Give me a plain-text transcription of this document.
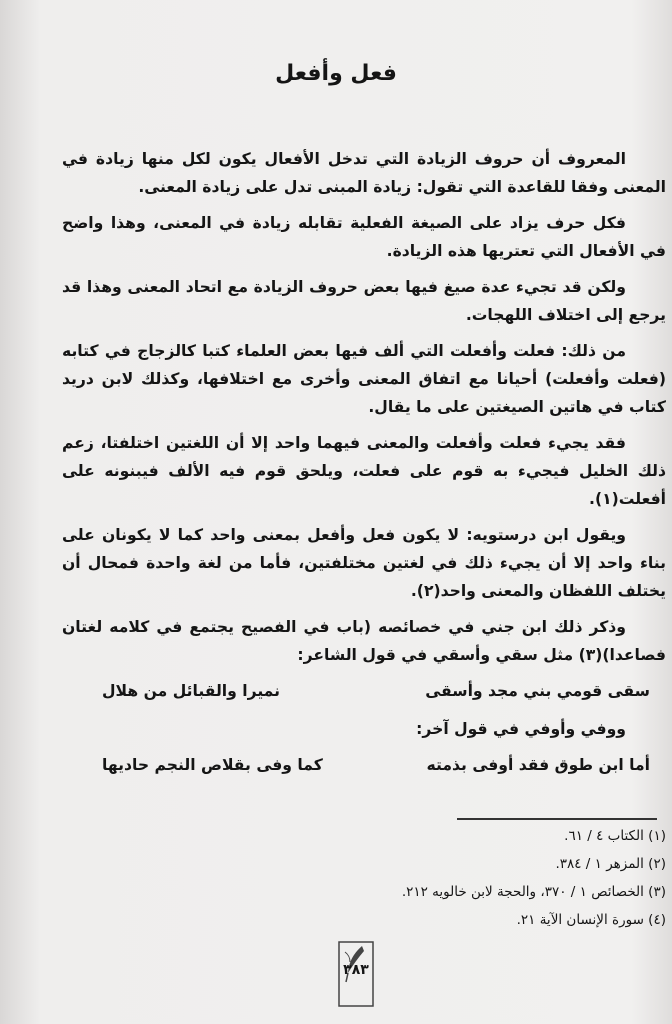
فعل وأفعل

المعروف أن حروف الزيادة التي تدخل الأفعال يكون لكل منها زيادة في المعنى وفقا للقاعدة التي تقول: زيادة المبنى تدل على زيادة المعنى.

فكل حرف يزاد على الصيغة الفعلية تقابله زيادة في المعنى، وهذا واضح في الأفعال التي تعتريها هذه الزيادة.

ولكن قد تجيء عدة صيغ فيها بعض حروف الزيادة مع اتحاد المعنى وهذا قد يرجع إلى اختلاف اللهجات.

من ذلك: فعلت وأفعلت التي ألف فيها بعض العلماء كتبا كالزجاج في كتابه (فعلت وأفعلت) أحيانا مع اتفاق المعنى وأخرى مع اختلافها، وكذلك لابن دريد كتاب في هاتين الصيغتين على ما يقال.

فقد يجيء فعلت وأفعلت والمعنى فيهما واحد إلا أن اللغتين اختلفتا، زعم ذلك الخليل فيجيء به قوم على فعلت، ويلحق قوم فيه الألف فيبنونه على أفعلت(١).

ويقول ابن درستويه: لا يكون فعل وأفعل بمعنى واحد كما لا يكونان على بناء واحد إلا أن يجيء ذلك في لغتين مختلفتين، فأما من لغة واحدة فمحال أن يختلف اللفظان والمعنى واحد(٢).

وذكر ذلك ابن جني في خصائصه (باب في الفصيح يجتمع في كلامه لغتان فصاعدا)(٣) مثل سقي وأسقي في قول الشاعر:

سقى قومي بني مجد وأسقى
نميرا والقبائل من هلال

ووفي وأوفي في قول آخر:

أما ابن طوق فقد أوفى بذمته
كما وفى بقلاص النجم حاديها

(١) الكتاب ٤ / ٦١.

(٢) المزهر ١ / ٣٨٤.

(٣) الخصائص ١ / ٣٧٠، والحجة لابن خالويه ٢١٢.

(٤) سورة الإنسان الآية ٢١.

٣٨٣
